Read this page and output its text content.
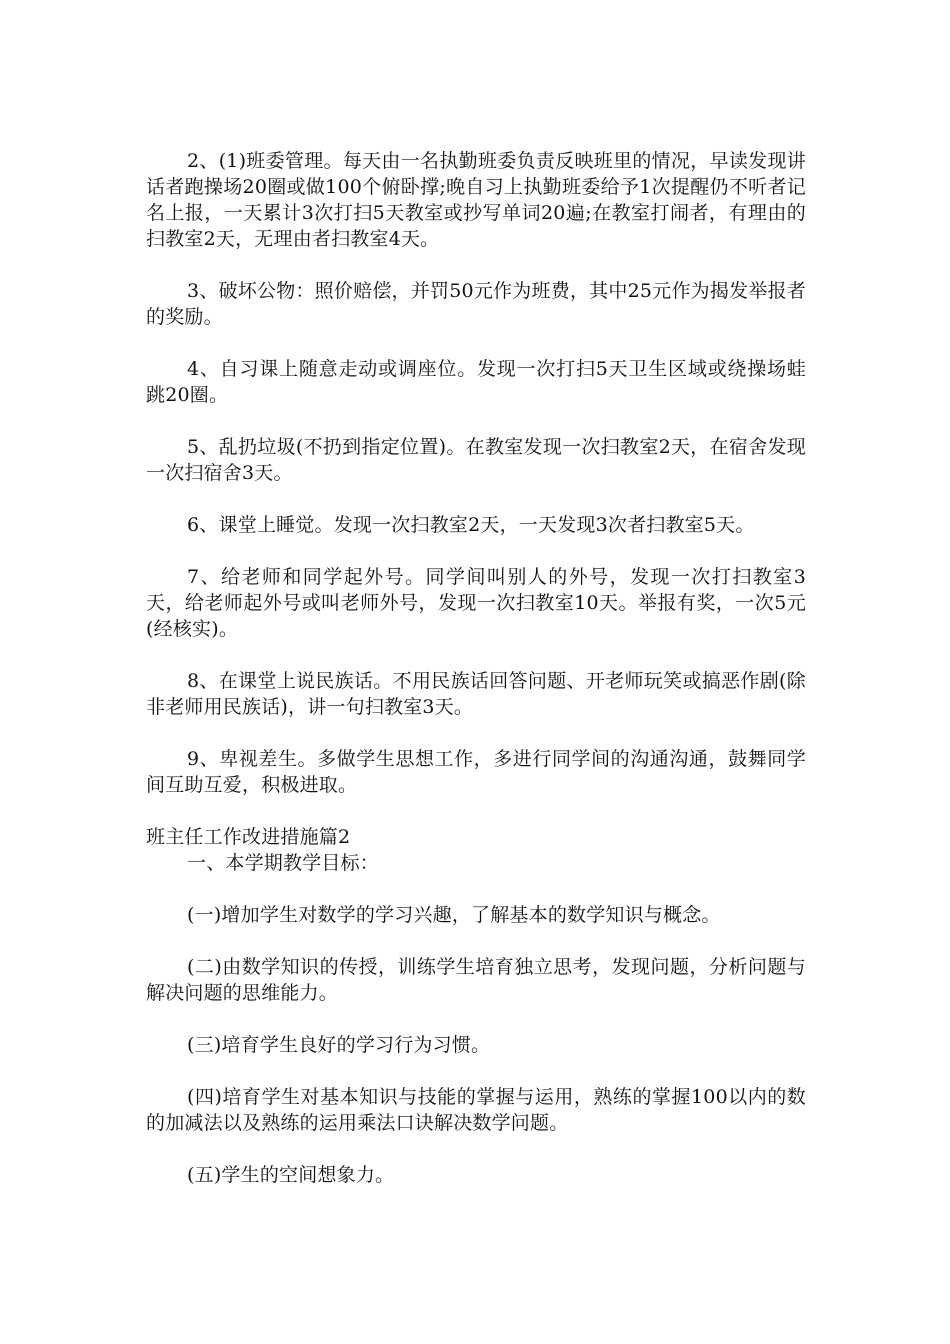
2、(1)班委管理。每天由一名执勤班委负责反映班里的情况，早读发现讲话者跑操场20圈或做100个俯卧撑;晚自习上执勤班委给予1次提醒仍不听者记名上报，一天累计3次打扫5天教室或抄写单词20遍;在教室打闹者，有理由的扫教室2天，无理由者扫教室4天。

3、破坏公物：照价赔偿，并罚50元作为班费，其中25元作为揭发举报者的奖励。

4、自习课上随意走动或调座位。发现一次打扫5天卫生区域或绕操场蛙跳20圈。

5、乱扔垃圾(不扔到指定位置)。在教室发现一次扫教室2天，在宿舍发现一次扫宿舍3天。

6、课堂上睡觉。发现一次扫教室2天，一天发现3次者扫教室5天。

7、给老师和同学起外号。同学间叫别人的外号，发现一次打扫教室3天，给老师起外号或叫老师外号，发现一次扫教室10天。举报有奖，一次5元(经核实)。

8、在课堂上说民族话。不用民族话回答问题、开老师玩笑或搞恶作剧(除非老师用民族话)，讲一句扫教室3天。

9、卑视差生。多做学生思想工作，多进行同学间的沟通沟通，鼓舞同学间互助互爱，积极进取。

班主任工作改进措施篇2

一、本学期教学目标：

(一)增加学生对数学的学习兴趣，了解基本的数学知识与概念。

(二)由数学知识的传授，训练学生培育独立思考，发现问题，分析问题与解决问题的思维能力。

(三)培育学生良好的学习行为习惯。

(四)培育学生对基本知识与技能的掌握与运用，熟练的掌握100以内的数的加减法以及熟练的运用乘法口诀解决数学问题。

(五)学生的空间想象力。
